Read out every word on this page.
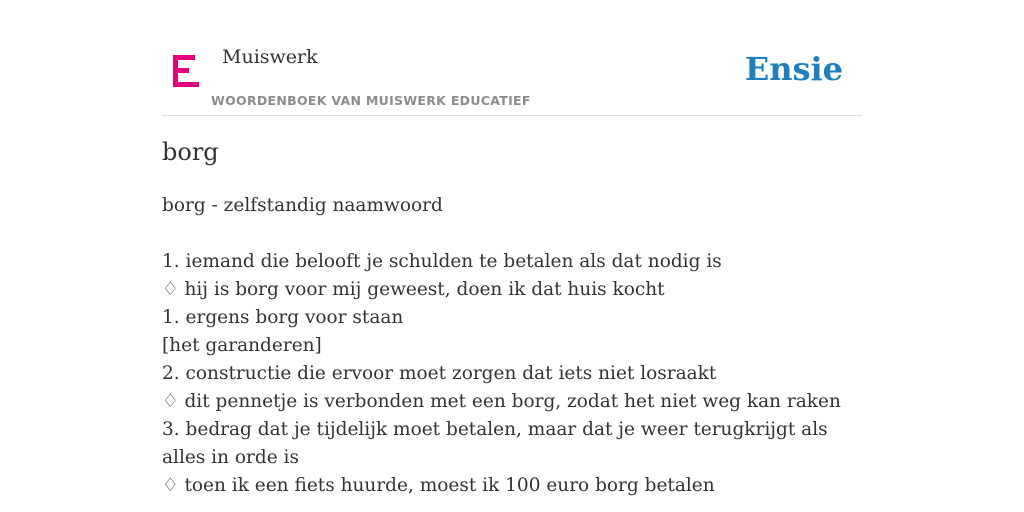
Muiswerk
WOORDENBOEK VAN MUISWERK EDUCATIEF
Ensie
borg
borg - zelfstandig naamwoord
1. iemand die belooft je schulden te betalen als dat nodig is
♢ hij is borg voor mij geweest, doen ik dat huis kocht
1. ergens borg voor staan
[het garanderen]
2. constructie die ervoor moet zorgen dat iets niet losraakt
♢ dit pennetje is verbonden met een borg, zodat het niet weg kan raken
3. bedrag dat je tijdelijk moet betalen, maar dat je weer terugkrijgt als alles in orde is
♢ toen ik een fiets huurde, moest ik 100 euro borg betalen
